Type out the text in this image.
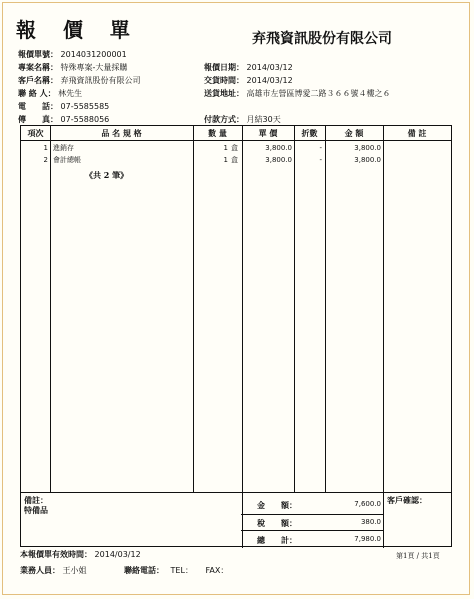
報 價 單	弃飛資訊股份有限公司
報價單號： 2014031200001
專案名稱： 特殊專案-大量採購	報價日期： 2014/03/12
客戶名稱： 弃飛資訊股份有限公司	交貨時間： 2014/03/12
聯 絡 人： 林先生	送貨地址： 高雄市左營區博愛二路３６６號４樓之６
電　　話： 07-5585585
傳　　真： 07-5588056	付款方式： 月結30天
項次	品 名 規 格	數 量	單 價	折數	金 額	備 註
1 進銷存	1 盒	3,800.0	-	3,800.0
2 會計總帳	1 盒	3,800.0	-	3,800.0
《共 2 筆》
備註：
特備品	金　　額：	7,600.0
稅　　額：	380.0
總　　計：	7,980.0
客戶確認：
本報價單有效時間： 2014/03/12	第1頁 / 共1頁
業務人員： 王小姐	聯絡電話： TEL： FAX：
